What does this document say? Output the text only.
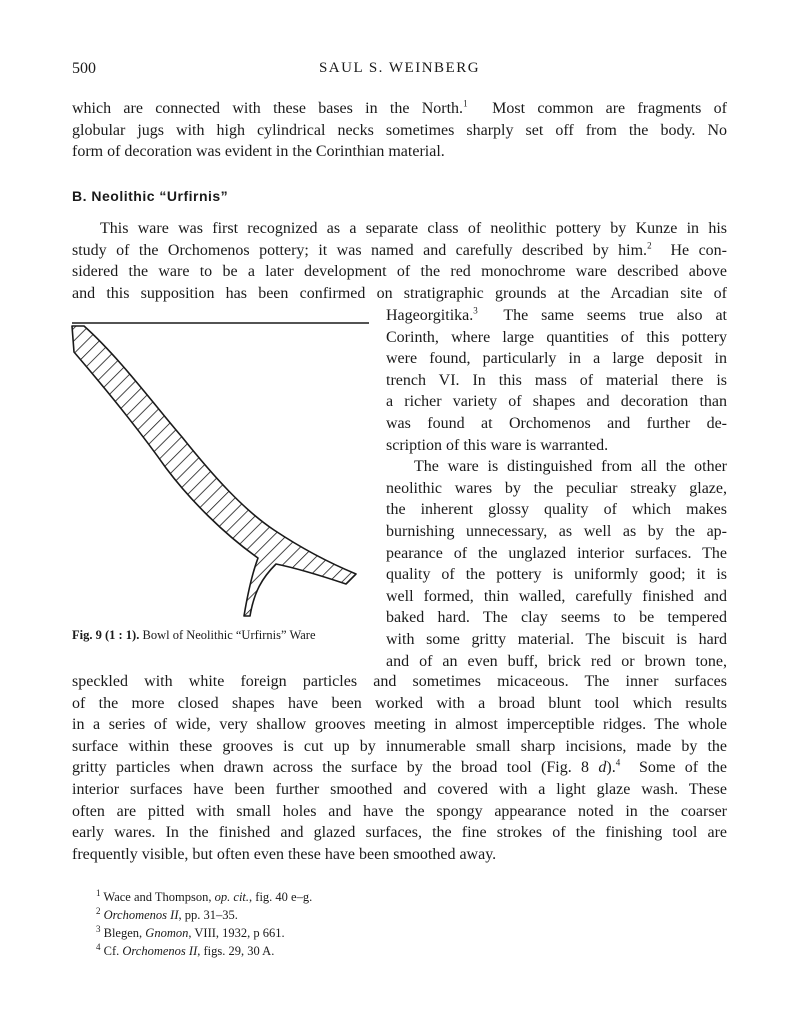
500	SAUL S. WEINBERG
which are connected with these bases in the North.$^1$ Most common are fragments of
globular jugs with high cylindrical necks sometimes sharply set off from the body. No
form of decoration was evident in the Corinthian material.
B. Neolithic “Urfirnis”
This ware was first recognized as a separate class of neolithic pottery by Kunze in his
study of the Orchomenos pottery; it was named and carefully described by him.$^2$ He con-
sidered the ware to be a later development of the red monochrome ware described above
and this supposition has been confirmed on stratigraphic grounds at the Arcadian site of
Fig. 9 (1 : 1). Bowl of Neolithic “Urfirnis” Ware
Hageorgitika.$^3$ The same seems true also at
Corinth, where large quantities of this pottery
were found, particularly in a large deposit in
trench VI. In this mass of material there is
a richer variety of shapes and decoration than
was found at Orchomenos and further de-
scription of this ware is warranted.
The ware is distinguished from all the other
neolithic wares by the peculiar streaky glaze,
the inherent glossy quality of which makes
burnishing unnecessary, as well as by the ap-
pearance of the unglazed interior surfaces. The
quality of the pottery is uniformly good; it is
well formed, thin walled, carefully finished and
baked hard. The clay seems to be tempered
with some gritty material. The biscuit is hard
and of an even buff, brick red or brown tone,
speckled with white foreign particles and sometimes micaceous. The inner surfaces
of the more closed shapes have been worked with a broad blunt tool which results
in a series of wide, very shallow grooves meeting in almost imperceptible ridges. The whole
surface within these grooves is cut up by innumerable small sharp incisions, made by the
gritty particles when drawn across the surface by the broad tool (Fig. 8 d).$^4$ Some of the
interior surfaces have been further smoothed and covered with a light glaze wash. These
often are pitted with small holes and have the spongy appearance noted in the coarser
early wares. In the finished and glazed surfaces, the fine strokes of the finishing tool are
frequently visible, but often even these have been smoothed away.
$^1$ Wace and Thompson, op. cit., fig. 40 e–g.
$^2$ Orchomenos II, pp. 31–35.
$^3$ Blegen, Gnomon, VIII, 1932, p 661.
$^4$ Cf. Orchomenos II, figs. 29, 30 A.
